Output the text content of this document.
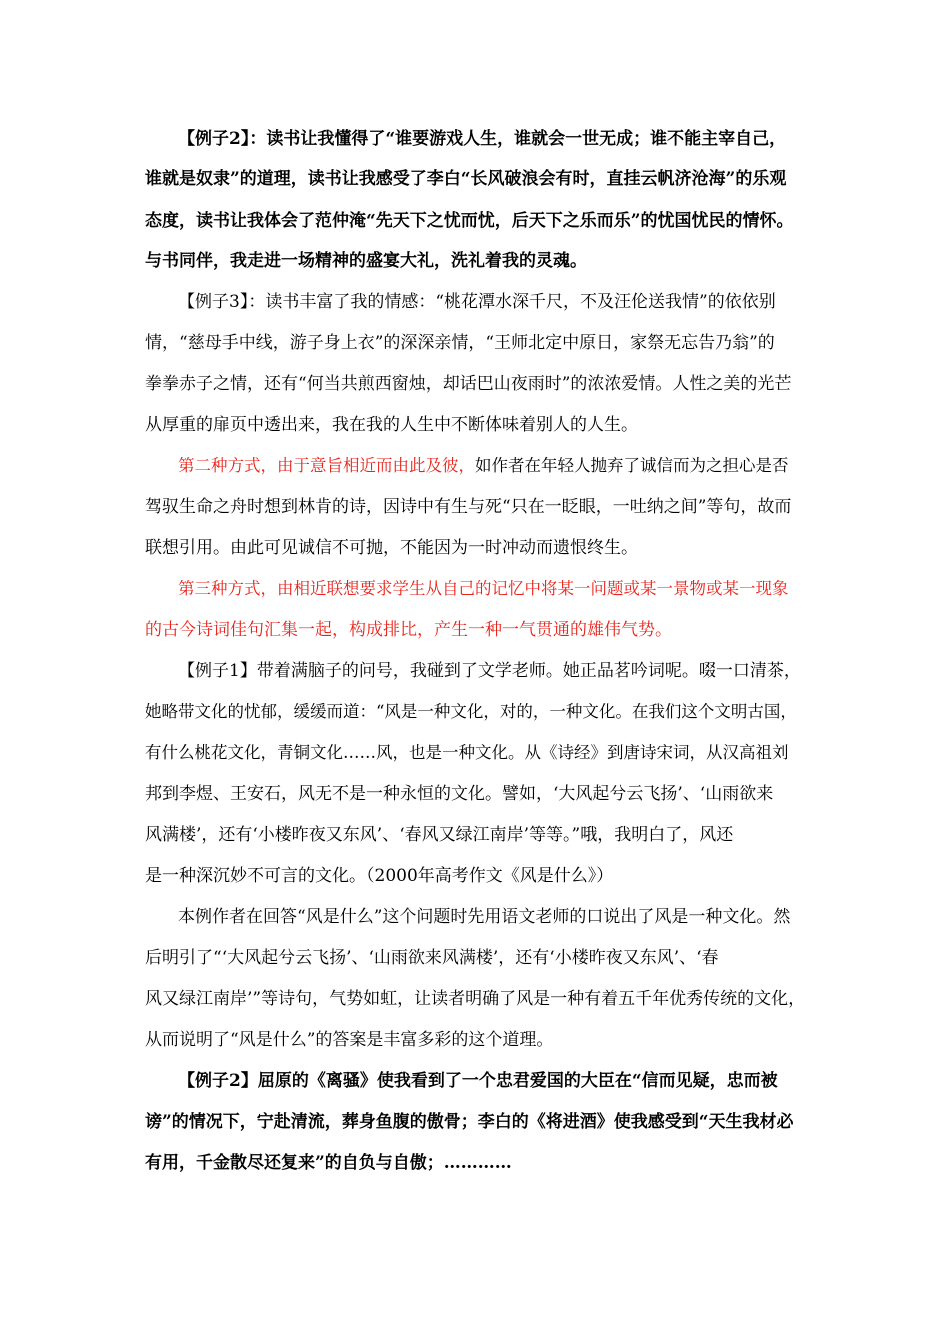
【例子2】：读书让我懂得了“谁要游戏人生，谁就会一世无成；谁不能主宰自己，
谁就是奴隶”的道理，读书让我感受了李白“长风破浪会有时，直挂云帆济沧海”的乐观
态度，读书让我体会了范仲淹“先天下之忧而忧，后天下之乐而乐”的忧国忧民的情怀。
与书同伴，我走进一场精神的盛宴大礼，洗礼着我的灵魂。
【例子3】：读书丰富了我的情感：“桃花潭水深千尺，不及汪伦送我情”的依依别
情，“慈母手中线，游子身上衣”的深深亲情，“王师北定中原日，家祭无忘告乃翁”的
拳拳赤子之情，还有“何当共煎西窗烛，却话巴山夜雨时”的浓浓爱情。人性之美的光芒
从厚重的扉页中透出来，我在我的人生中不断体味着别人的人生。
第二种方式，由于意旨相近而由此及彼，如作者在年轻人抛弃了诚信而为之担心是否
驾驭生命之舟时想到林肯的诗，因诗中有生与死“只在一眨眼，一吐纳之间”等句，故而
联想引用。由此可见诚信不可抛，不能因为一时冲动而遗恨终生。
第三种方式，由相近联想要求学生从自己的记忆中将某一问题或某一景物或某一现象
的古今诗词佳句汇集一起，构成排比，产生一种一气贯通的雄伟气势。
【例子1】带着满脑子的问号，我碰到了文学老师。她正品茗吟词呢。啜一口清茶，
她略带文化的忧郁，缓缓而道：“风是一种文化，对的，一种文化。在我们这个文明古国，
有什么桃花文化，青铜文化……风，也是一种文化。从《诗经》到唐诗宋词，从汉高祖刘
邦到李煜、王安石，风无不是一种永恒的文化。譬如，‘大风起兮云飞扬’、‘山雨欲来
风满楼’，还有‘小楼昨夜又东风’、‘春风又绿江南岸’等等。”哦，我明白了，风还
是一种深沉妙不可言的文化。（2000年高考作文《风是什么》）
本例作者在回答“风是什么”这个问题时先用语文老师的口说出了风是一种文化。然
后明引了“‘大风起兮云飞扬’、‘山雨欲来风满楼’，还有‘小楼昨夜又东风’、‘春
风又绿江南岸’”等诗句，气势如虹，让读者明确了风是一种有着五千年优秀传统的文化，
从而说明了“风是什么”的答案是丰富多彩的这个道理。
【例子2】屈原的《离骚》使我看到了一个忠君爱国的大臣在“信而见疑，忠而被
谤”的情况下，宁赴清流，葬身鱼腹的傲骨；李白的《将进酒》使我感受到“天生我材必
有用，千金散尽还复来”的自负与自傲；…………
